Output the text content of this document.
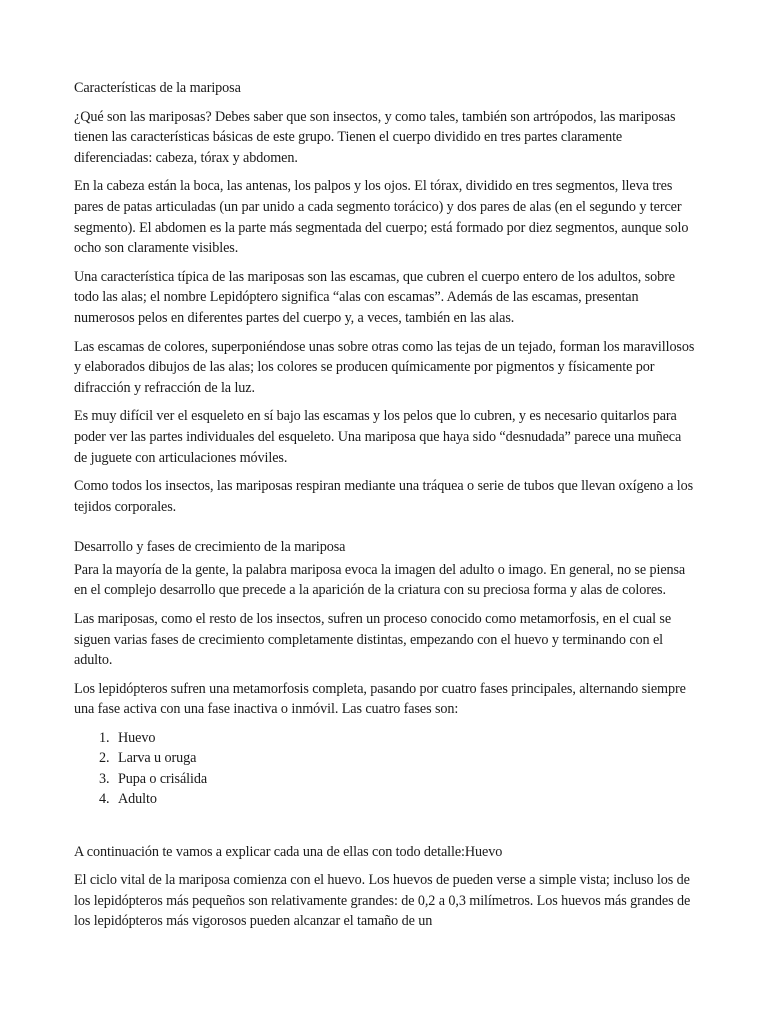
Características de la mariposa

¿Qué son las mariposas? Debes saber que son insectos, y como tales, también son artrópodos, las mariposas tienen las características básicas de este grupo. Tienen el cuerpo dividido en tres partes claramente diferenciadas: cabeza, tórax y abdomen.

En la cabeza están la boca, las antenas, los palpos y los ojos. El tórax, dividido en tres segmentos, lleva tres pares de patas articuladas (un par unido a cada segmento torácico) y dos pares de alas (en el segundo y tercer segmento). El abdomen es la parte más segmentada del cuerpo; está formado por diez segmentos, aunque solo ocho son claramente visibles.

Una característica típica de las mariposas son las escamas, que cubren el cuerpo entero de los adultos, sobre todo las alas; el nombre Lepidóptero significa “alas con escamas”. Además de las escamas, presentan numerosos pelos en diferentes partes del cuerpo y, a veces, también en las alas.

Las escamas de colores, superponiéndose unas sobre otras como las tejas de un tejado, forman los maravillosos y elaborados dibujos de las alas; los colores se producen químicamente por pigmentos y físicamente por difracción y refracción de la luz.

Es muy difícil ver el esqueleto en sí bajo las escamas y los pelos que lo cubren, y es necesario quitarlos para poder ver las partes individuales del esqueleto. Una mariposa que haya sido “desnudada” parece una muñeca de juguete con articulaciones móviles.

Como todos los insectos, las mariposas respiran mediante una tráquea o serie de tubos que llevan oxígeno a los tejidos corporales.

Desarrollo y fases de crecimiento de la mariposa

Para la mayoría de la gente, la palabra mariposa evoca la imagen del adulto o imago. En general, no se piensa en el complejo desarrollo que precede a la aparición de la criatura con su preciosa forma y alas de colores.

Las mariposas, como el resto de los insectos, sufren un proceso conocido como metamorfosis, en el cual se siguen varias fases de crecimiento completamente distintas, empezando con el huevo y terminando con el adulto.

Los lepidópteros sufren una metamorfosis completa, pasando por cuatro fases principales, alternando siempre una fase activa con una fase inactiva o inmóvil. Las cuatro fases son:

1. Huevo
2. Larva u oruga
3. Pupa o crisálida
4. Adulto

A continuación te vamos a explicar cada una de ellas con todo detalle:Huevo

El ciclo vital de la mariposa comienza con el huevo. Los huevos de pueden verse a simple vista; incluso los de los lepidópteros más pequeños son relativamente grandes: de 0,2 a 0,3 milímetros. Los huevos más grandes de los lepidópteros más vigorosos pueden alcanzar el tamaño de un
